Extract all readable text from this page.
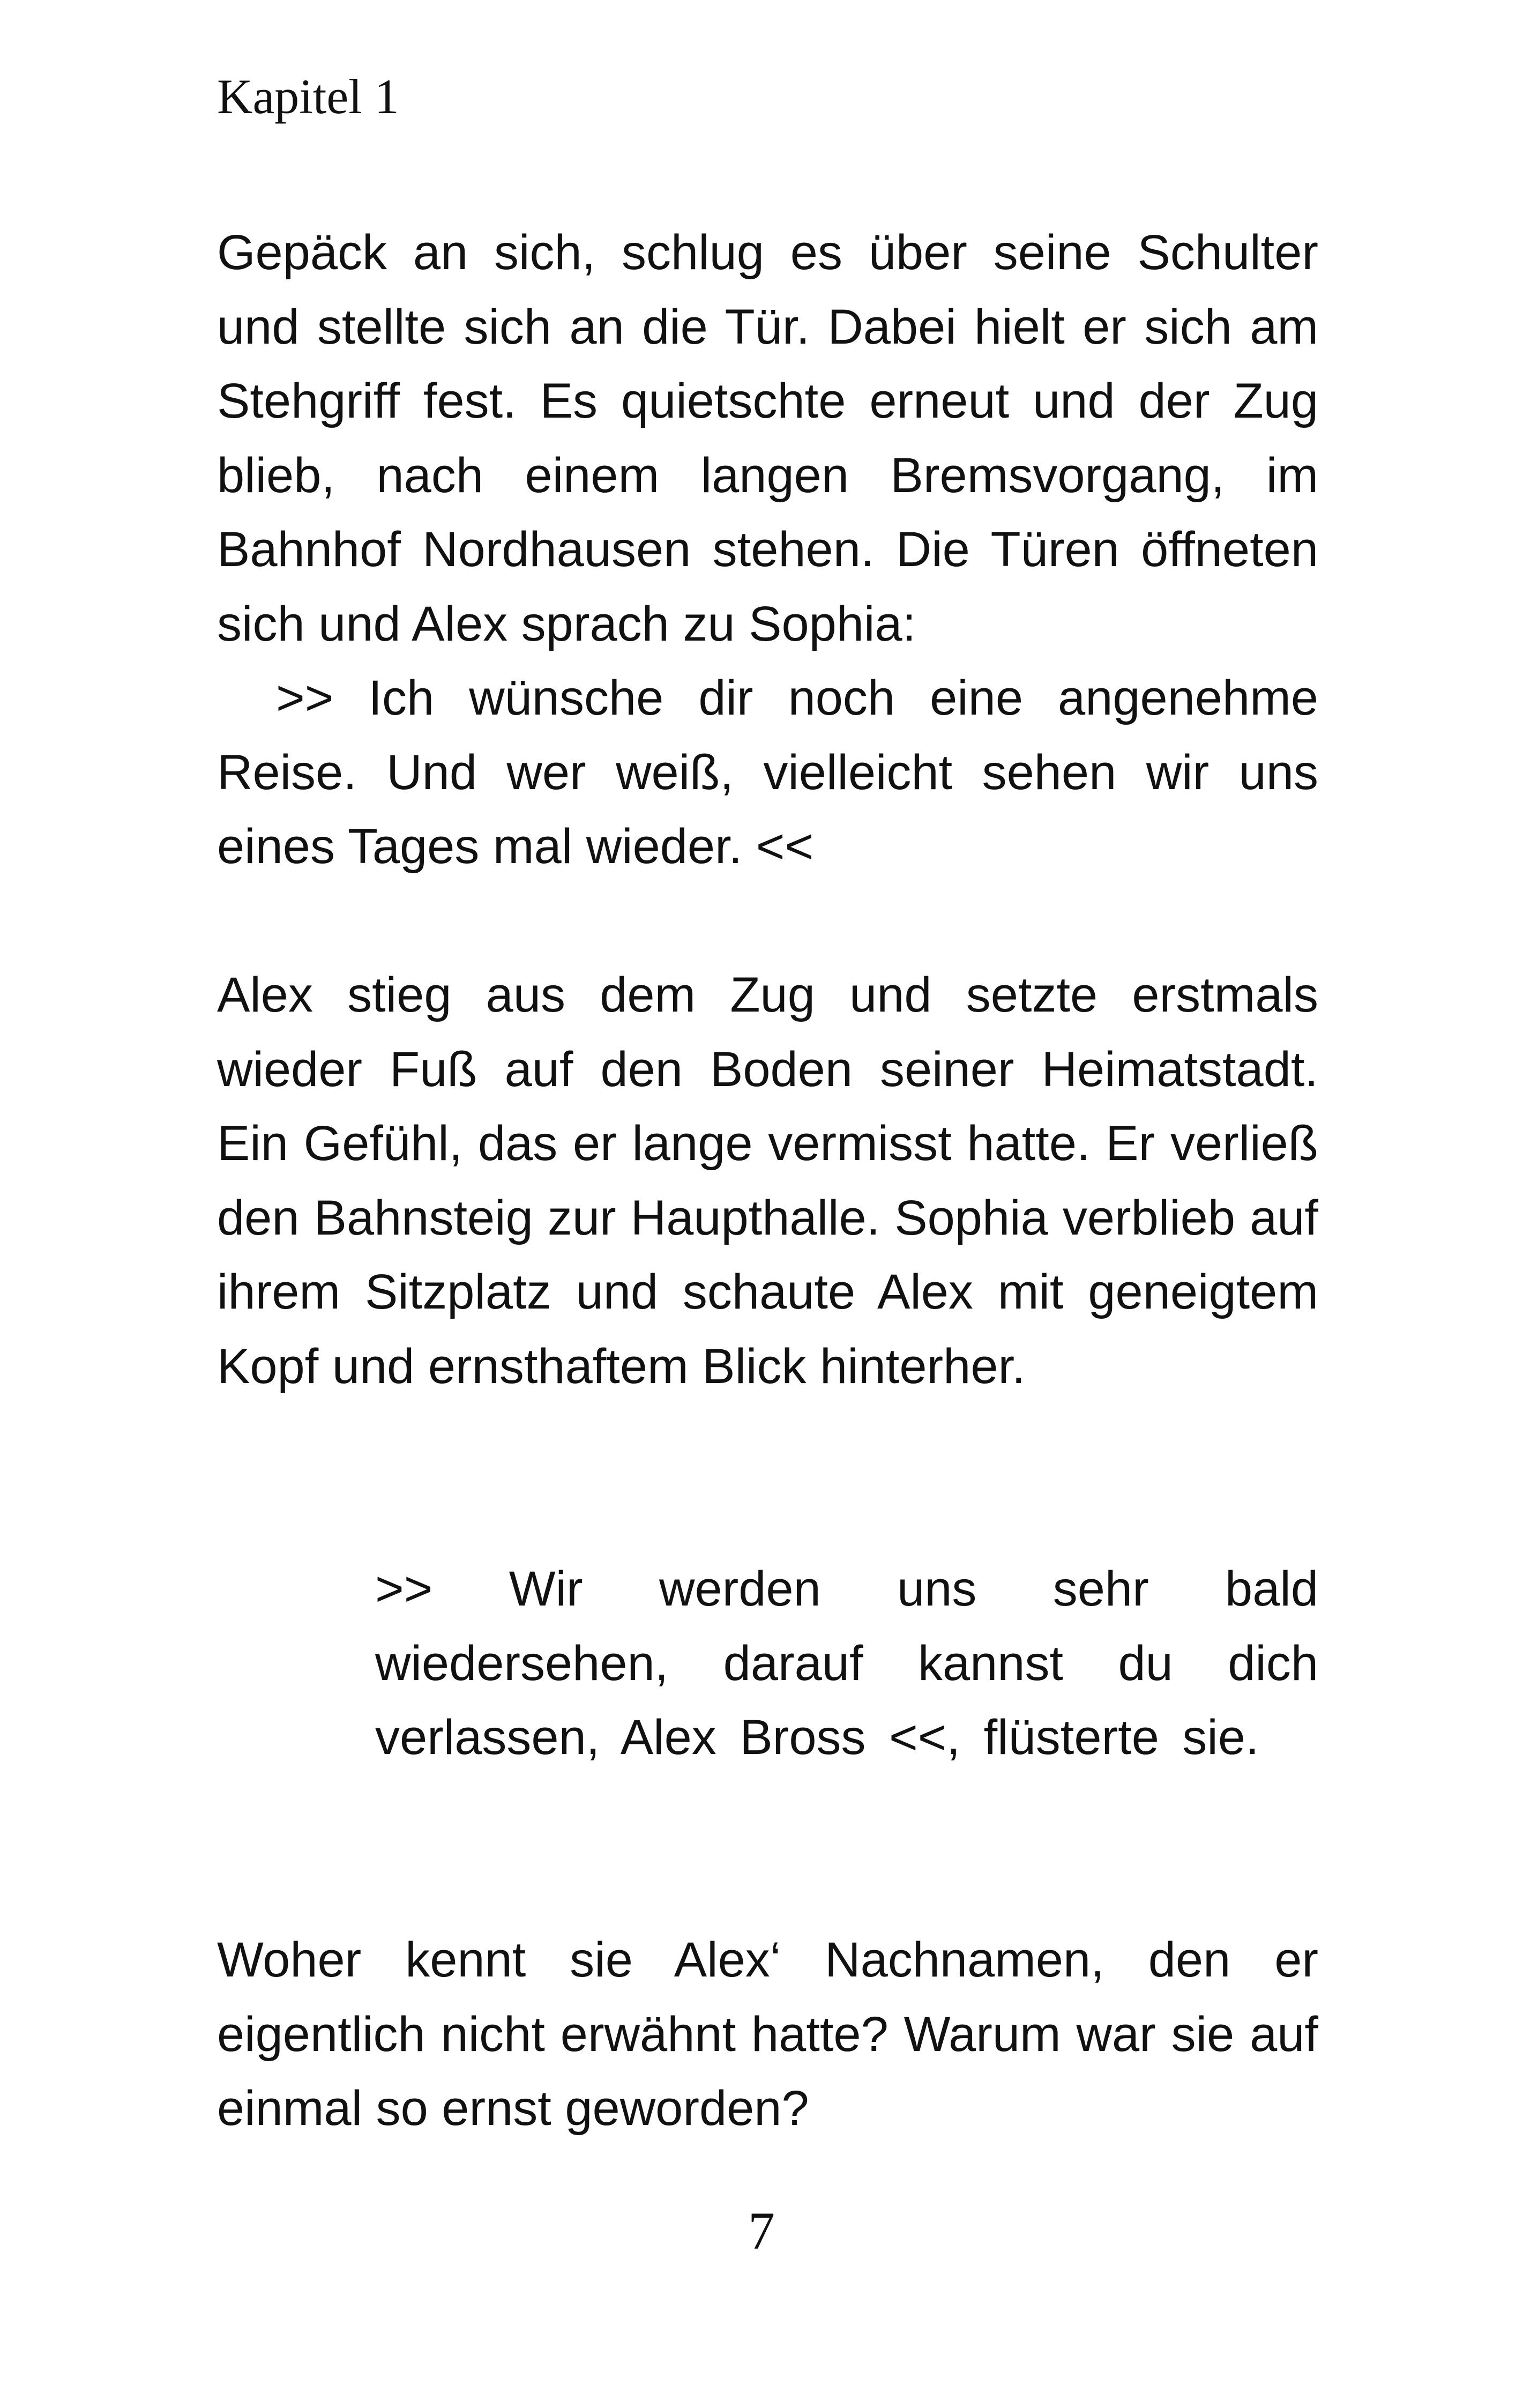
Kapitel 1

Gepäck an sich, schlug es über seine Schulter und stellte sich an die Tür. Dabei hielt er sich am Stehgriff fest. Es quietschte erneut und der Zug blieb, nach einem langen Bremsvorgang, im Bahnhof Nordhausen stehen. Die Türen öffneten sich und Alex sprach zu Sophia:

>> Ich wünsche dir noch eine angenehme Reise. Und wer weiß, vielleicht sehen wir uns eines Tages mal wieder. <<

Alex stieg aus dem Zug und setzte erstmals wieder Fuß auf den Boden seiner Heimatstadt. Ein Gefühl, das er lange vermisst hatte. Er verließ den Bahnsteig zur Haupthalle. Sophia verblieb auf ihrem Sitzplatz und schaute Alex mit geneigtem Kopf und ernsthaftem Blick hinterher.

>> Wir werden uns sehr bald wiedersehen, darauf kannst du dich verlassen, Alex Bross <<, flüsterte sie.

Woher kennt sie Alex‘ Nachnamen, den er eigentlich nicht erwähnt hatte? Warum war sie auf einmal so ernst geworden?

7
